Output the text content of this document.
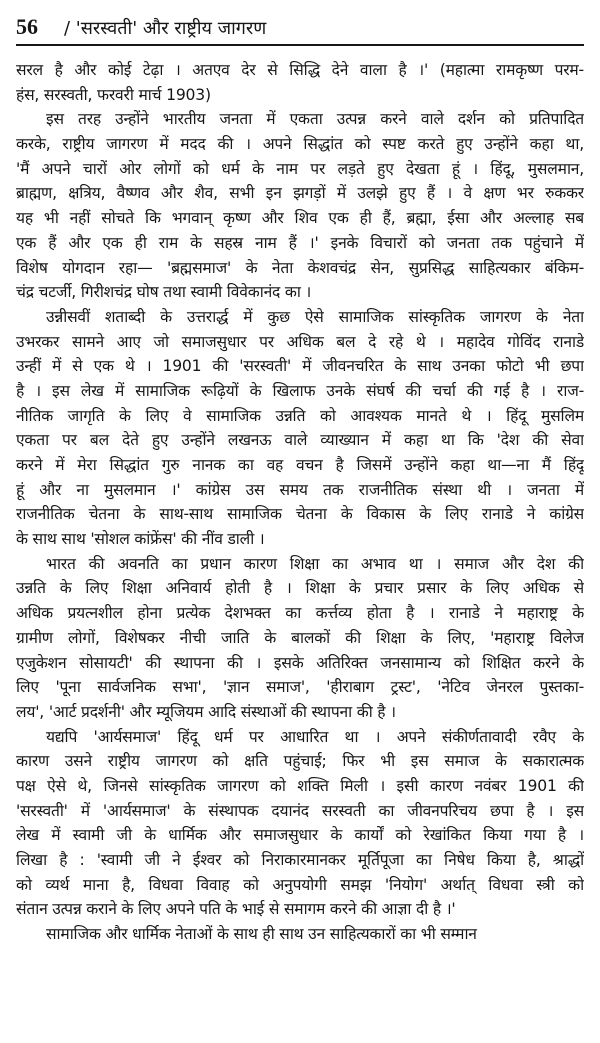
56 / 'सरस्वती' और राष्ट्रीय जागरण
सरल है और कोई टेढ़ा । अतएव देर से सिद्धि देने वाला है ।' (महात्मा रामकृष्ण परम-
हंस, सरस्वती, फरवरी मार्च 1903)
इस तरह उन्होंने भारतीय जनता में एकता उत्पन्न करने वाले दर्शन को प्रतिपादित
करके, राष्ट्रीय जागरण में मदद की । अपने सिद्धांत को स्पष्ट करते हुए उन्होंने कहा था,
'मैं अपने चारों ओर लोगों को धर्म के नाम पर लड़ते हुए देखता हूं । हिंदू, मुसलमान,
ब्राह्मण, क्षत्रिय, वैष्णव और शैव, सभी इन झगड़ों में उलझे हुए हैं । वे क्षण भर रुककर
यह भी नहीं सोचते कि भगवान् कृष्ण और शिव एक ही हैं, ब्रह्मा, ईसा और अल्लाह सब
एक हैं और एक ही राम के सहस्र नाम हैं ।' इनके विचारों को जनता तक पहुंचाने में
विशेष योगदान रहा— 'ब्रह्मसमाज' के नेता केशवचंद्र सेन, सुप्रसिद्ध साहित्यकार बंकिम-
चंद्र चटर्जी, गिरीशचंद्र घोष तथा स्वामी विवेकानंद का ।
उन्नीसवीं शताब्दी के उत्तरार्द्ध में कुछ ऐसे सामाजिक सांस्कृतिक जागरण के नेता
उभरकर सामने आए जो समाजसुधार पर अधिक बल दे रहे थे । महादेव गोविंद रानाडे
उन्हीं में से एक थे । 1901 की 'सरस्वती' में जीवनचरित के साथ उनका फोटो भी छपा
है । इस लेख में सामाजिक रूढ़ियों के खिलाफ उनके संघर्ष की चर्चा की गई है । राज-
नीतिक जागृति के लिए वे सामाजिक उन्नति को आवश्यक मानते थे । हिंदू मुसलिम
एकता पर बल देते हुए उन्होंने लखनऊ वाले व्याख्यान में कहा था कि 'देश की सेवा
करने में मेरा सिद्धांत गुरु नानक का वह वचन है जिसमें उन्होंने कहा था—ना मैं हिंदू
हूं और ना मुसलमान ।' कांग्रेस उस समय तक राजनीतिक संस्था थी । जनता में
राजनीतिक चेतना के साथ-साथ सामाजिक चेतना के विकास के लिए रानाडे ने कांग्रेस
के साथ साथ 'सोशल कांफ्रेंस' की नींव डाली ।
भारत की अवनति का प्रधान कारण शिक्षा का अभाव था । समाज और देश की
उन्नति के लिए शिक्षा अनिवार्य होती है । शिक्षा के प्रचार प्रसार के लिए अधिक से
अधिक प्रयत्नशील होना प्रत्येक देशभक्त का कर्त्तव्य होता है । रानाडे ने महाराष्ट्र के
ग्रामीण लोगों, विशेषकर नीची जाति के बालकों की शिक्षा के लिए, 'महाराष्ट्र विलेज
एजुकेशन सोसायटी' की स्थापना की । इसके अतिरिक्त जनसामान्य को शिक्षित करने के
लिए 'पूना सार्वजनिक सभा', 'ज्ञान समाज', 'हीराबाग ट्रस्ट', 'नेटिव जेनरल पुस्तका-
लय', 'आर्ट प्रदर्शनी' और म्यूजियम आदि संस्थाओं की स्थापना की है ।
यद्यपि 'आर्यसमाज' हिंदू धर्म पर आधारित था । अपने संकीर्णतावादी रवैए के
कारण उसने राष्ट्रीय जागरण को क्षति पहुंचाई; फिर भी इस समाज के सकारात्मक
पक्ष ऐसे थे, जिनसे सांस्कृतिक जागरण को शक्ति मिली । इसी कारण नवंबर 1901 की
'सरस्वती' में 'आर्यसमाज' के संस्थापक दयानंद सरस्वती का जीवनपरिचय छपा है । इस
लेख में स्वामी जी के धार्मिक और समाजसुधार के कार्यों को रेखांकित किया गया है ।
लिखा है : 'स्वामी जी ने ईश्वर को निराकारमानकर मूर्तिपूजा का निषेध किया है, श्राद्धों
को व्यर्थ माना है, विधवा विवाह को अनुपयोगी समझ 'नियोग' अर्थात् विधवा स्त्री को
संतान उत्पन्न कराने के लिए अपने पति के भाई से समागम करने की आज्ञा दी है ।'
सामाजिक और धार्मिक नेताओं के साथ ही साथ उन साहित्यकारों का भी सम्मान
